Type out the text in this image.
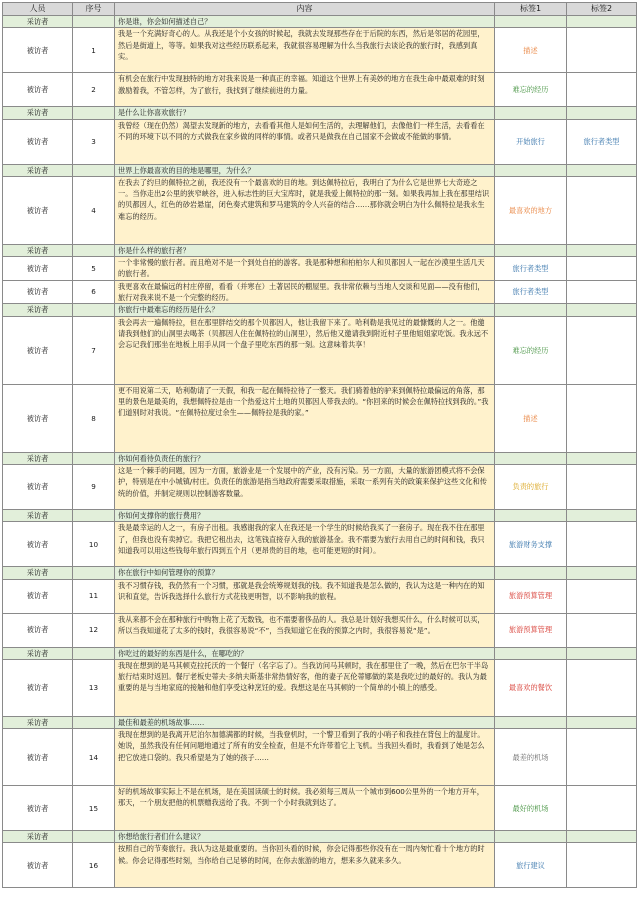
人员	序号	内容	标签1	标签2
采访者		你是谁，你会如何描述自己？		
被访者	1	我是一个充满好奇心的人。从我还是个小女孩的时候起，我就去发现那些存在于后院的东西，然后是邻居的花园里，然后是街道上，等等。如果我对这些经历联系起来，我就很容易理解为什么当我旅行去谈论我的旅行时，我感到真实。	描述	
被访者	2	有机会在旅行中发现独特的地方对我来说是一种真正的幸福。知道这个世界上有美妙的地方在我生命中最艰难的时刻激励着我，不管怎样，为了旅行，我找到了继续前进的力量。	难忘的经历	
采访者		是什么让你喜欢旅行？		
被访者	3	我曾经（现在仍然）渴望去发现新的地方，去看看其他人是如何生活的，去理解他们，去像他们一样生活，去看看在不同的环境下以不同的方式做我在家乡做的同样的事情。或者只是做我在自己国家不会做或不能做的事情。	开始旅行	旅行者类型
采访者		世界上你最喜欢的目的地是哪里，为什么？		
被访者	4	在我去了约旦的佩特拉之前，我还没有一个最喜欢的目的地。到达佩特拉后，我明白了为什么它是世界七大奇迹之一。当你走出2公里的狭窄峡谷，进入标志性的巨大宝库时，就是我爱上佩特拉的那一刻。如果我再加上我在那里结识的贝都因人，红色的砂岩悬崖，闭色奏式建筑和罗马建筑的令人兴奋的结合……那你就会明白为什么佩特拉是我永生难忘的经历。	最喜欢的地方	
采访者		你是什么样的旅行者？		
被访者	5	一个非常慢的旅行者。而且绝对不是一个到处自拍的游客。我是那种想和柏柏尔人和贝都因人一起在沙漠里生活几天的旅行者。	旅行者类型	
被访者	6	我更喜欢在最偏远的村庄停留，看看（并寒在）土著居民的棚屋里。我非常依赖与当地人交谈和见面——没有他们，旅行对我来说不是一个完整的经历。	旅行者类型	
采访者		你旅行中最难忘的经历是什么？		
被访者	7	我会再去一遍佩特拉，但在那里胖结交的那个贝都因人，他让我留下来了。哈利勒是我见过的最慷慨的人之一。他邀请我到他们的山洞里去喝茶（贝都因人住在佩特拉的山洞里），然后他又邀请我到附近村子里他姐姐家吃饭。我永远不会忘记我们那坐在地板上用手从同一个盘子里吃东西的那一刻。这意味着共享！	难忘的经历	
被访者	8	更不用说第二天，哈利勒请了一天假，和我一起在佩特拉待了一整天。我们骑着他的驴来到佩特拉最偏远的角落，那里的景色是最美的，我想佩特拉是由一个热爱这片土地的贝都因人带我去的。“你回来的时候会在佩特拉找到我的。”我们道别时对我说。“在佩特拉度过余生——佩特拉是我的家。”	描述	
采访者		你如何看待负责任的旅行？		
被访者	9	这是一个棘手的问题，因为一方面，旅游业是一个发展中的产业，没有污染。另一方面，大量的旅游团模式将不会保护，特别是在中小城镇/村庄。负责任的旅游是指当地政府需要采取措施，采取一系列有关的政策来保护这些文化和传统的价值，并制定规则以控制游客数量。	负责的旅行	
采访者		你如何支撑你的旅行费用？		
被访者	10	我是最幸运的人之一，有房子出租。我感谢我的家人在我还是一个学生的时候给我买了一套房子。现在我不住在那里了，但我也没有卖掉它。我把它租出去，这笔钱直接存入我的旅游基金。我不需要为旅行去用自己的时间和钱，我只知道我可以用这些钱每年旅行四到五个月（更昂贵的目的地，也可能更短的时间）。	旅游财务支撑	
采访者		你在旅行中如何管理你的预算？		
被访者	11	我不习惯存钱，我仍然有一个习惯，那就是我会统筹规划我的钱。我不知道我是怎么做的，我认为这是一种内在的知识和直觉，告诉我选择什么旅行方式花钱更明智，以不影响我的旅程。	旅游预算管理	
被访者	12	我从来都不会在那种旅行中购物上花了无数钱，也不需要奢侈品的人。我总是计划好我想买什么，什么时候可以买，所以当我知道花了太多的钱时，我很容易说“不”，当我知道它在我的预算之内时，我很容易说“是”。	旅游预算管理	
采访者		你吃过的最好的东西是什么，在哪吃的？		
被访者	13	我现在想到的是马其顿克拉托沃的一个餐厅（名字忘了）。当我访问马其顿时，我在那里住了一晚，然后在巴尔干半岛旅行结束时返回。餐厅老板史蒂夫·多纳夫斯基非常热情好客，他的妻子瓦伦蒂娜做的菜是我吃过的最好的。我认为最重要的是与当地家庭的接触和他们享受这种烹饪的爱。我想这是在马其顿的一个简单的小镇上的感受。	最喜欢的餐饮	
采访者		最佳和最差的机场故事……		
被访者	14	我现在想到的是我离开尼泊尔加德满都的时候，当我登机时，一个警卫看到了我的小哨子和我挂在背包上的温度计。她说，虽然我没有任何问题地通过了所有的安全检查，但是不允许带着它上飞机。当我回头看时，我看到了她是怎么把它放进口袋的。我只希望是为了她的孩子……	最差的机场	
被访者	15	好的机场故事实际上不是在机场，是在美国读硕士的时候。我必须每三周从一个城市到600公里外的一个地方开车，那天，一个朋友把他的机票赠我送给了我。不到一个小时我就到达了。	最好的机场	
采访者		你想给旅行者们什么建议？		
被访者	16	按照自己的节奏旅行。我认为这是最重要的。当你回头看的时候，你会记得那些你没有在一周内匆忙看十个地方的时候。你会记得那些时刻，当你给自己足够的时间，在你去旅游的地方，想来多久就来多久。	旅行建议	
